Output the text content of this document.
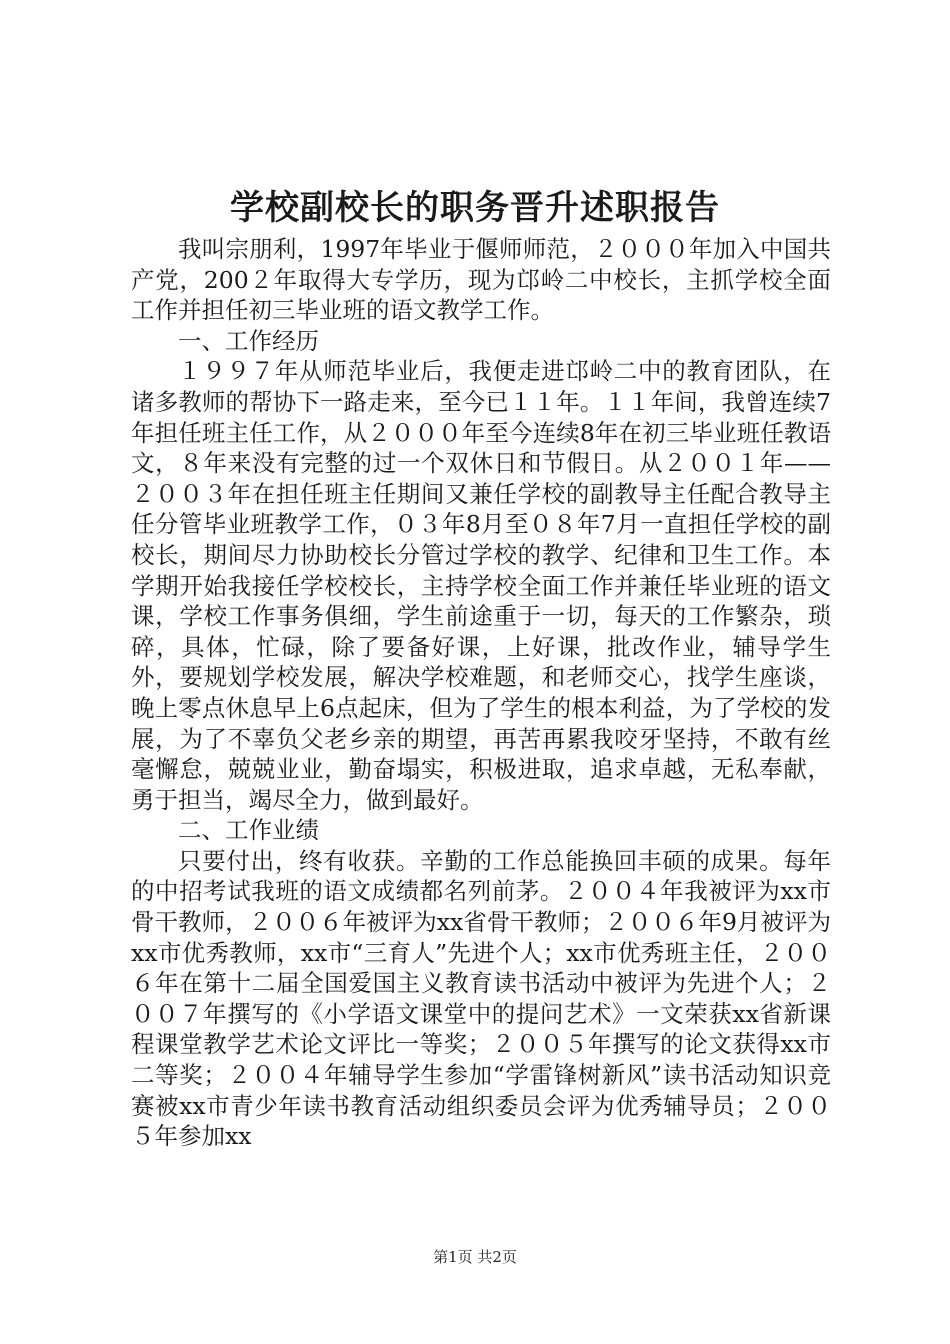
学校副校长的职务晋升述职报告

我叫宗朋利，1997年毕业于偃师师范，２０００年加入中国共产党，200２年取得大专学历，现为邙岭二中校长，主抓学校全面工作并担任初三毕业班的语文教学工作。

一、工作经历

１９９７年从师范毕业后，我便走进邙岭二中的教育团队，在诸多教师的帮协下一路走来，至今已１１年。１１年间，我曾连续7年担任班主任工作，从２０００年至今连续8年在初三毕业班任教语文，８年来没有完整的过一个双休日和节假日。从２００１年——２００３年在担任班主任期间又兼任学校的副教导主任配合教导主任分管毕业班教学工作，０３年8月至０８年7月一直担任学校的副校长，期间尽力协助校长分管过学校的教学、纪律和卫生工作。本学期开始我接任学校校长，主持学校全面工作并兼任毕业班的语文课，学校工作事务俱细，学生前途重于一切，每天的工作繁杂，琐碎，具体，忙碌，除了要备好课，上好课，批改作业，辅导学生外，要规划学校发展，解决学校难题，和老师交心，找学生座谈，晚上零点休息早上6点起床，但为了学生的根本利益，为了学校的发展，为了不辜负父老乡亲的期望，再苦再累我咬牙坚持，不敢有丝毫懈怠，兢兢业业，勤奋塌实，积极进取，追求卓越，无私奉献，勇于担当，竭尽全力，做到最好。

二、工作业绩

只要付出，终有收获。辛勤的工作总能换回丰硕的成果。每年的中招考试我班的语文成绩都名列前茅。２００４年我被评为xx市骨干教师，２００６年被评为xx省骨干教师；２００６年9月被评为xx市优秀教师，xx市“三育人”先进个人；xx市优秀班主任，２００６年在第十二届全国爱国主义教育读书活动中被评为先进个人；２００７年撰写的《小学语文课堂中的提问艺术》一文荣获xx省新课程课堂教学艺术论文评比一等奖；２００５年撰写的论文获得xx市二等奖；２００４年辅导学生参加“学雷锋树新风”读书活动知识竞赛被xx市青少年读书教育活动组织委员会评为优秀辅导员；２００５年参加xx

第1页 共2页
